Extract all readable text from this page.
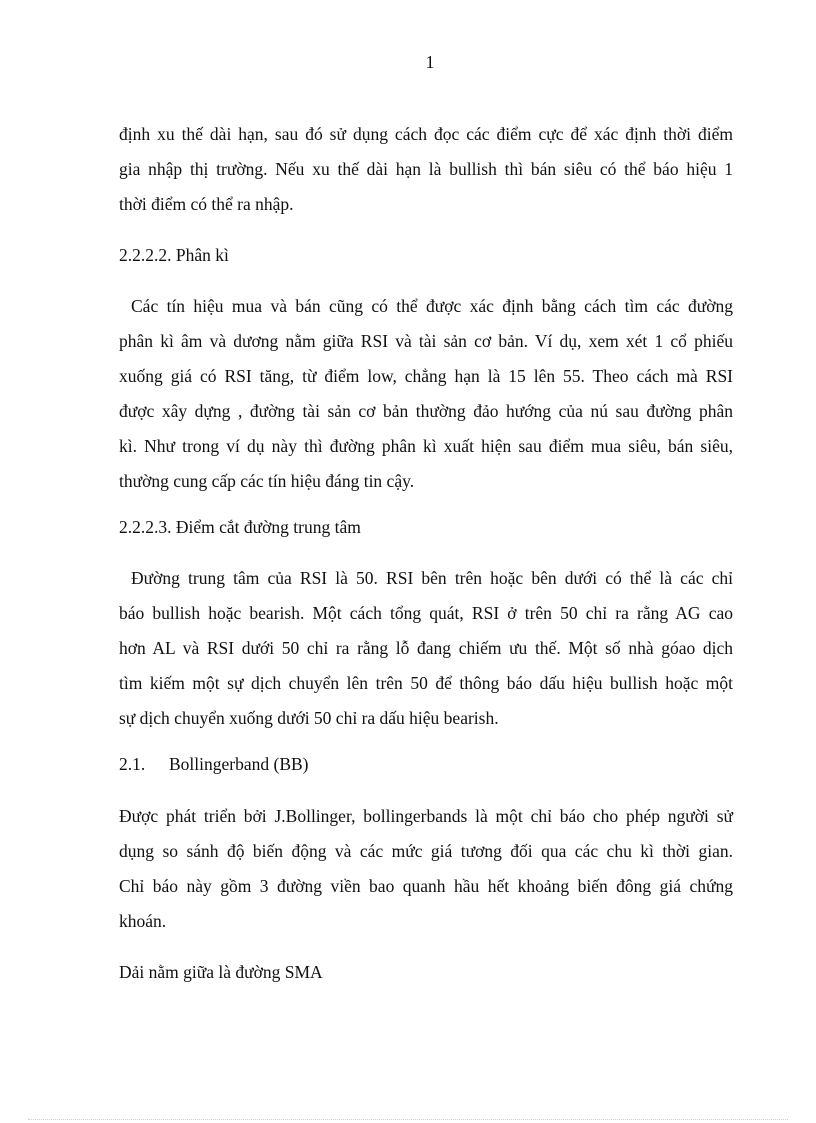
1

định xu thế dài hạn, sau đó sử dụng cách đọc các điểm cực để xác định thời điểm

gia nhập thị trường. Nếu xu thế dài hạn là bullish thì bán siêu có thể báo hiệu 1

thời điểm có thể ra nhập.

2.2.2.2. Phân kì

Các tín hiệu mua và bán cũng có thể được xác định bằng cách tìm các đường

phân kì âm và dương nằm giữa RSI và tài sản cơ bản. Ví dụ, xem xét 1 cổ phiếu

xuống giá có RSI tăng, từ điểm low, chẳng hạn là 15 lên 55. Theo cách mà RSI

được xây dựng , đường tài sản cơ bản thường đảo hướng của nú sau đường phân

kì. Như trong ví dụ này thì đường phân kì xuất hiện sau điểm mua siêu, bán siêu,

thường cung cấp các tín hiệu đáng tin cậy.

2.2.2.3. Điểm cắt đường trung tâm

Đường trung tâm của RSI là 50. RSI bên trên hoặc bên dưới có thể là các chỉ

báo bullish hoặc bearish. Một cách tổng quát, RSI ở trên 50 chỉ ra rằng AG cao

hơn AL và RSI dưới 50 chỉ ra rằng lỗ đang chiếm ưu thế. Một số nhà góao dịch

tìm kiếm một sự dịch chuyển lên trên 50 để thông báo dấu hiệu bullish hoặc một

sự dịch chuyển xuống dưới 50 chỉ ra dấu hiệu bearish.

2.1. Bollingerband (BB)

Được phát triển bởi J.Bollinger, bollingerbands là một chỉ báo cho phép người sử

dụng so sánh độ biến động và các mức giá tương đối qua các chu kì thời gian.

Chỉ báo này gồm 3 đường viền bao quanh hầu hết khoảng biến đông giá chứng

khoán.

Dải nằm giữa là đường SMA
